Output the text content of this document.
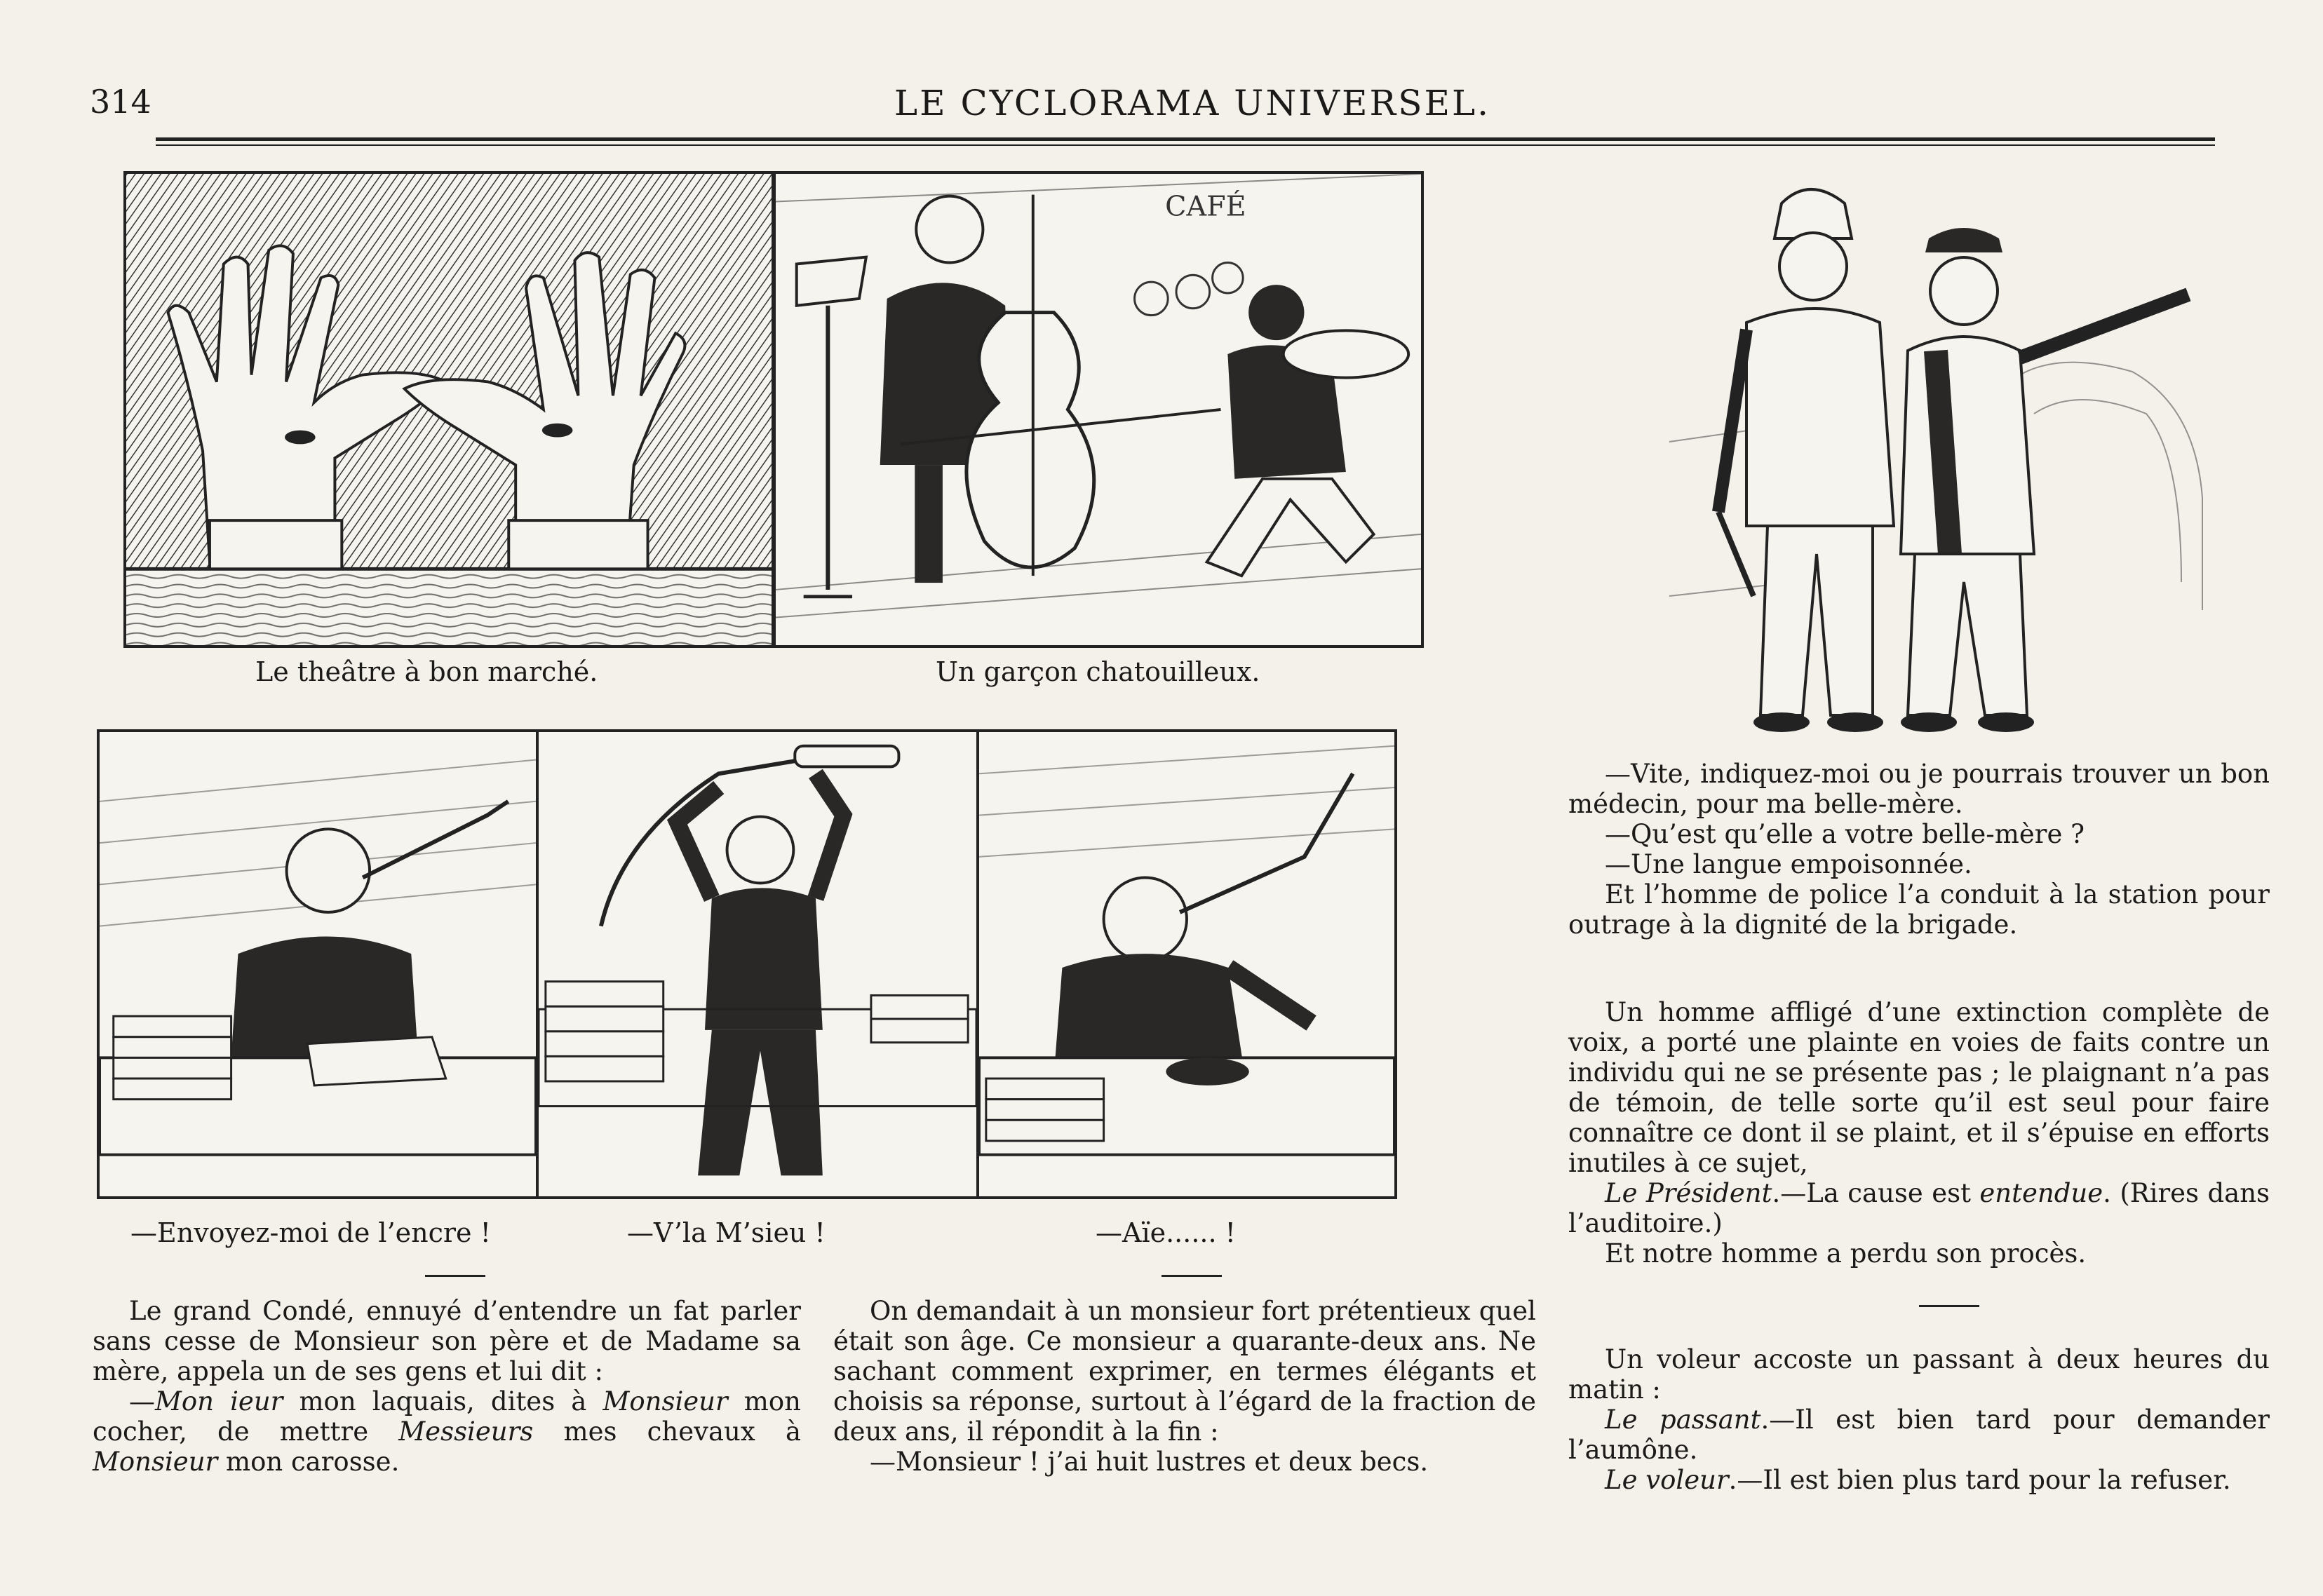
314	LE CYCLORAMA UNIVERSEL.
CAFÉ
Le theâtre à bon marché.	Un garçon chatouilleux.
—Envoyez-moi de l’encre !	—V’la M’sieu !	—Aïe...... !

Le grand Condé, ennuyé d’entendre un fat parler sans cesse de Monsieur son père et de Madame sa mère, appela un de ses gens et lui dit :

—Mon ieur mon laquais, dites à Monsieur mon cocher, de mettre Messieurs mes chevaux à Monsieur mon carosse.

On demandait à un monsieur fort prétentieux quel était son âge. Ce monsieur a quarante-deux ans. Ne sachant comment exprimer, en termes élégants et choisis sa réponse, surtout à l’égard de la fraction de deux ans, il répondit à la fin :

—Monsieur ! j’ai huit lustres et deux becs.

—Vite, indiquez-moi ou je pourrais trouver un bon médecin, pour ma belle-mère.

—Qu’est qu’elle a votre belle-mère ?

—Une langue empoisonnée.

Et l’homme de police l’a conduit à la station pour outrage à la dignité de la brigade.

Un homme affligé d’une extinction complète de voix, a porté une plainte en voies de faits contre un individu qui ne se présente pas ; le plaignant n’a pas de témoin, de telle sorte qu’il est seul pour faire connaître ce dont il se plaint, et il s’épuise en efforts inutiles à ce sujet,

Le Président.—La cause est entendue. (Rires dans l’auditoire.)

Et notre homme a perdu son procès.

Un voleur accoste un passant à deux heures du matin :

Le passant.—Il est bien tard pour demander l’aumône.

Le voleur.—Il est bien plus tard pour la refuser.
